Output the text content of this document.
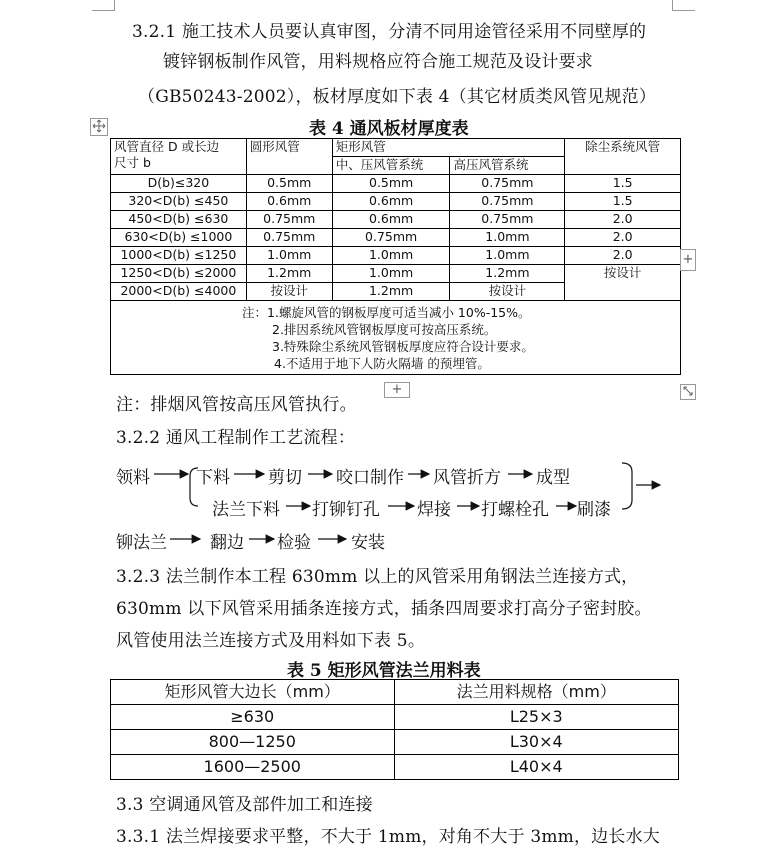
3.2.1 施工技术人员要认真审图，分清不同用途管径采用不同壁厚的
镀锌钢板制作风管，用料规格应符合施工规范及设计要求
（GB50243-2002），板材厚度如下表 4（其它材质类风管见规范）
表 4 通风板材厚度表
风管直径 D 或长边
尺寸 b	圆形风管	矩形风管		除尘系统风管
		中、压风管系统	高压风管系统	
D(b)≤320	0.5mm	0.5mm	0.75mm	1.5
320<D(b) ≤450	0.6mm	0.6mm	0.75mm	1.5
450<D(b) ≤630	0.75mm	0.6mm	0.75mm	2.0
630<D(b) ≤1000	0.75mm	0.75mm	1.0mm	2.0
1000<D(b) ≤1250	1.0mm	1.0mm	1.0mm	2.0
1250<D(b) ≤2000	1.2mm	1.0mm	1.2mm	按设计
2000<D(b) ≤4000	按设计	1.2mm	按设计	

注：1.螺旋风管的钢板厚度可适当减小 10%-15%。
2.排因系统风管钢板厚度可按高压系统。
3.特殊除尘系统风管钢板厚度应符合设计要求。
4.不适用于地下人防火隔墙 的预埋管。				
+
+
注：排烟风管按高压风管执行。
3.2.2 通风工程制作工艺流程：
领料	下料 剪切 咬口制作 风管折方 成型
法兰下料 打铆钉孔 焊接 打螺栓孔 刷漆
铆法兰	翻边 检验 安装
3.2.3 法兰制作本工程 630mm 以上的风管采用角钢法兰连接方式，
630mm 以下风管采用插条连接方式，插条四周要求打高分子密封胶。
风管使用法兰连接方式及用料如下表 5。
表 5 矩形风管法兰用料表
矩形风管大边长（mm）	法兰用料规格（mm）
≥630	L25×3
800—1250	L30×4
1600—2500	L40×4
3.3 空调通风管及部件加工和连接
3.3.1 法兰焊接要求平整，不大于 1mm，对角不大于 3mm，边长水大
